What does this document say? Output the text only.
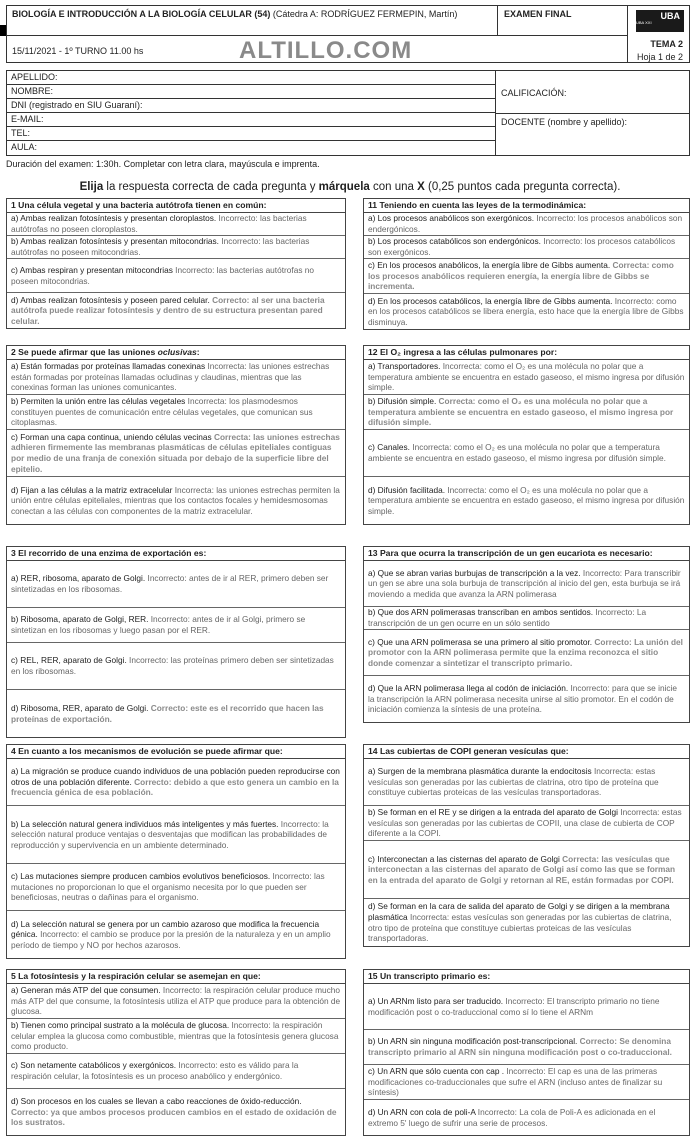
BIOLOGÍA E INTRODUCCIÓN A LA BIOLOGÍA CELULAR (54) (Cátedra A: RODRÍGUEZ FERMEPIN, Martín)	EXAMEN FINAL	UBA
UBA XXI
15/11/2021 - 1º TURNO 11.00 hs	ALTILLO.COM	TEMA 2
Hoja 1 de 2
APELLIDO:
NOMBRE:
DNI (registrado en SIU Guaraní):
E-MAIL:
TEL:
AULA:
CALIFICACIÓN:
DOCENTE (nombre y apellido):
Duración del examen: 1:30h. Completar con letra clara, mayúscula e imprenta.
Elija la respuesta correcta de cada pregunta y márquela con una X (0,25 puntos cada pregunta correcta).
1 Una célula vegetal y una bacteria autótrofa tienen en común:
a) Ambas realizan fotosíntesis y presentan cloroplastos. Incorrecto: las bacterias autótrofas no poseen cloroplastos.
b) Ambas realizan fotosíntesis y presentan mitocondrias. Incorrecto: las bacterias autótrofas no poseen mitocondrias.
c) Ambas respiran y presentan mitocondrias Incorrecto: las bacterias autótrofas no poseen mitocondrias.
d) Ambas realizan fotosíntesis y poseen pared celular. Correcto: al ser una bacteria autótrofa puede realizar fotosíntesis y dentro de su estructura presentan pared celular.
2 Se puede afirmar que las uniones oclusivas:
a) Están formadas por proteínas llamadas conexinas Incorrecta: las uniones estrechas están formadas por proteínas llamadas ocludinas y claudinas, mientras que las conexinas forman las uniones comunicantes.
b) Permiten la unión entre las células vegetales Incorrecta: los plasmodesmos constituyen puentes de comunicación entre células vegetales, que comunican sus citoplasmas.
c) Forman una capa continua, uniendo células vecinas Correcta: las uniones estrechas adhieren firmemente las membranas plasmáticas de células epiteliales contiguas por medio de una franja de conexión situada por debajo de la superficie libre del epitelio.
d) Fijan a las células a la matriz extracelular Incorrecta: las uniones estrechas permiten la unión entre células epiteliales, mientras que los contactos focales y hemidesmosomas conectan a las células con componentes de la matriz extracelular.
3 El recorrido de una enzima de exportación es:
a) RER, ribosoma, aparato de Golgi. Incorrecto: antes de ir al RER, primero deben ser sintetizadas en los ribosomas.
b) Ribosoma, aparato de Golgi, RER. Incorrecto: antes de ir al Golgi, primero se sintetizan en los ribosomas y luego pasan por el RER.
c) REL, RER, aparato de Golgi. Incorrecto: las proteínas primero deben ser sintetizadas en los ribosomas.
d) Ribosoma, RER, aparato de Golgi. Correcto: este es el recorrido que hacen las proteínas de exportación.
4 En cuanto a los mecanismos de evolución se puede afirmar que:
a) La migración se produce cuando individuos de una población pueden reproducirse con otros de una población diferente. Correcto: debido a que esto genera un cambio en la frecuencia génica de esa población.
b) La selección natural genera individuos más inteligentes y más fuertes. Incorrecto: la selección natural produce ventajas o desventajas que modifican las probabilidades de reproducción y supervivencia en un ambiente determinado.
c) Las mutaciones siempre producen cambios evolutivos beneficiosos. Incorrecto: las mutaciones no proporcionan lo que el organismo necesita por lo que pueden ser beneficiosas, neutras o dañinas para el organismo.
d) La selección natural se genera por un cambio azaroso que modifica la frecuencia génica. Incorrecto: el cambio se produce por la presión de la naturaleza y en un amplio período de tiempo y NO por hechos azarosos.
5 La fotosíntesis y la respiración celular se asemejan en que:
a) Generan más ATP del que consumen. Incorrecto: la respiración celular produce mucho más ATP del que consume, la fotosíntesis utiliza el ATP que produce para la obtención de glucosa.
b) Tienen como principal sustrato a la molécula de glucosa. Incorrecto: la respiración celular emplea la glucosa como combustible, mientras que la fotosíntesis genera glucosa como producto.
c) Son netamente catabólicos y exergónicos. Incorrecto: esto es válido para la respiración celular, la fotosíntesis es un proceso anabólico y endergónico.
d) Son procesos en los cuales se llevan a cabo reacciones de óxido-reducción. Correcto: ya que ambos procesos producen cambios en el estado de oxidación de los sustratos.
11 Teniendo en cuenta las leyes de la termodinámica:
a) Los procesos anabólicos son exergónicos. Incorrecto: los procesos anabólicos son endergónicos.
b) Los procesos catabólicos son endergónicos. Incorrecto: los procesos catabólicos son exergónicos.
c) En los procesos anabólicos, la energía libre de Gibbs aumenta. Correcta: como los procesos anabólicos requieren energía, la energía libre de Gibbs se incrementa.
d) En los procesos catabólicos, la energía libre de Gibbs aumenta. Incorrecto: como en los procesos catabólicos se libera energía, esto hace que la energía libre de Gibbs disminuya.
12 El O₂ ingresa a las células pulmonares por:
a) Transportadores. Incorrecta: como el O₂ es una molécula no polar que a temperatura ambiente se encuentra en estado gaseoso, el mismo ingresa por difusión simple.
b) Difusión simple. Correcta: como el O₂ es una molécula no polar que a temperatura ambiente se encuentra en estado gaseoso, el mismo ingresa por difusión simple.
c) Canales. Incorrecta: como el O₂ es una molécula no polar que a temperatura ambiente se encuentra en estado gaseoso, el mismo ingresa por difusión simple.
d) Difusión facilitada. Incorrecta: como el O₂ es una molécula no polar que a temperatura ambiente se encuentra en estado gaseoso, el mismo ingresa por difusión simple.
13 Para que ocurra la transcripción de un gen eucariota es necesario:
a) Que se abran varias burbujas de transcripción a la vez. Incorrecto: Para transcribir un gen se abre una sola burbuja de transcripción al inicio del gen, esta burbuja se irá moviendo a medida que avanza la ARN polimerasa
b) Que dos ARN polimerasas transcriban en ambos sentidos. Incorrecto: La transcripción de un gen ocurre en un sólo sentido
c) Que una ARN polimerasa se una primero al sitio promotor. Correcto: La unión del promotor con la ARN polimerasa permite que la enzima reconozca el sitio donde comenzar a sintetizar el transcripto primario.
d) Que la ARN polimerasa llega al codón de iniciación. Incorrecto: para que se inicie la transcripción la ARN polimerasa necesita unirse al sitio promotor. En el codón de iniciación comienza la síntesis de una proteína.
14 Las cubiertas de COPI generan vesículas que:
a) Surgen de la membrana plasmática durante la endocitosis Incorrecta: estas vesículas son generadas por las cubiertas de clatrina, otro tipo de proteína que constituye cubiertas proteicas de las vesículas transportadoras.
b) Se forman en el RE y se dirigen a la entrada del aparato de Golgi Incorrecta: estas vesículas son generadas por las cubiertas de COPII, una clase de cubierta de COP diferente a la COPI.
c) Interconectan a las cisternas del aparato de Golgi Correcta: las vesículas que interconectan a las cisternas del aparato de Golgi así como las que se forman en la entrada del aparato de Golgi y retornan al RE, están formadas por COPI.
d) Se forman en la cara de salida del aparato de Golgi y se dirigen a la membrana plasmática Incorrecta: estas vesículas son generadas por las cubiertas de clatrina, otro tipo de proteína que constituye cubiertas proteicas de las vesículas transportadoras.
15 Un transcripto primario es:
a) Un ARNm listo para ser traducido. Incorrecto: El transcripto primario no tiene modificación post o co-traduccional como sí lo tiene el ARNm
b) Un ARN sin ninguna modificación post-transcripcional. Correcto: Se denomina transcripto primario al ARN sin ninguna modificación post o co-traduccional.
c) Un ARN que sólo cuenta con cap . Incorrecto: El cap es una de las primeras modificaciones co-traduccionales que sufre el ARN (incluso antes de finalizar su síntesis)
d) Un ARN con cola de poli-A Incorrecto: La cola de Poli-A es adicionada en el extremo 5' luego de sufrir una serie de procesos.
